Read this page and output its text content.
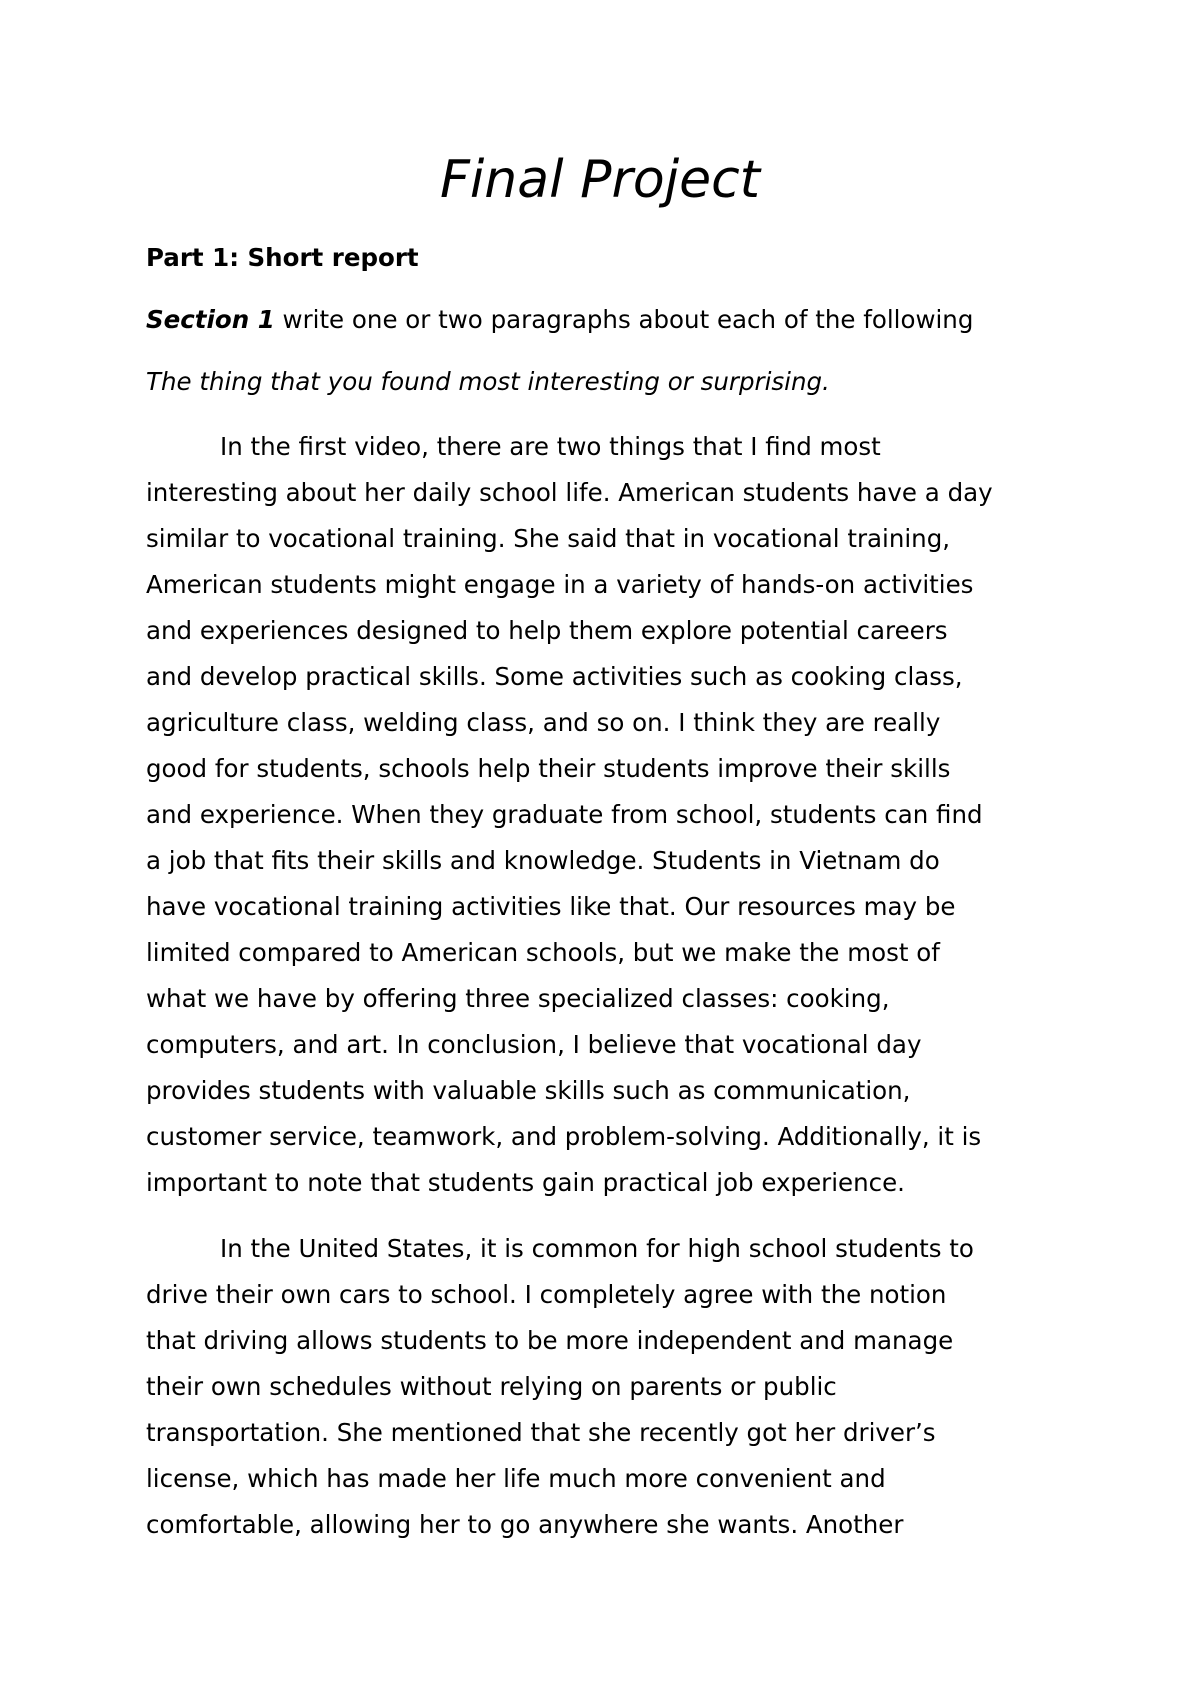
Final Project

Part 1: Short report

Section 1 write one or two paragraphs about each of the following

The thing that you found most interesting or surprising.

In the first video, there are two things that I find most
interesting about her daily school life. American students have a day
similar to vocational training. She said that in vocational training,
American students might engage in a variety of hands-on activities
and experiences designed to help them explore potential careers
and develop practical skills. Some activities such as cooking class,
agriculture class, welding class, and so on. I think they are really
good for students, schools help their students improve their skills
and experience. When they graduate from school, students can find
a job that fits their skills and knowledge. Students in Vietnam do
have vocational training activities like that. Our resources may be
limited compared to American schools, but we make the most of
what we have by offering three specialized classes: cooking,
computers, and art. In conclusion, I believe that vocational day
provides students with valuable skills such as communication,
customer service, teamwork, and problem-solving. Additionally, it is
important to note that students gain practical job experience.
In the United States, it is common for high school students to
drive their own cars to school. I completely agree with the notion
that driving allows students to be more independent and manage
their own schedules without relying on parents or public
transportation. She mentioned that she recently got her driver’s
license, which has made her life much more convenient and
comfortable, allowing her to go anywhere she wants. Another
